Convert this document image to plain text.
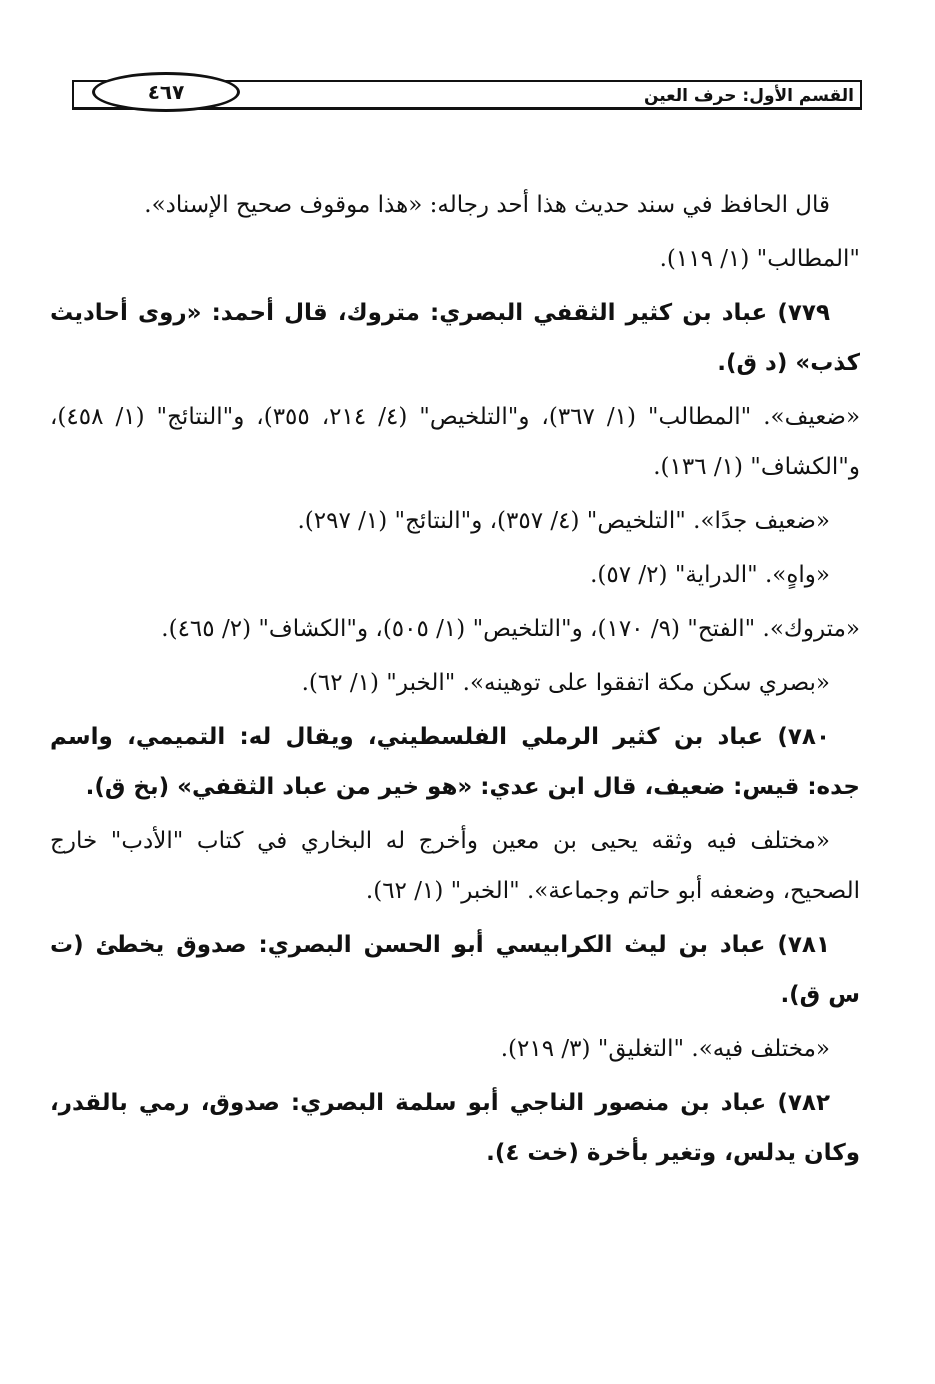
٤٦٧	القسم الأول: حرف العين

قال الحافظ في سند حديث هذا أحد رجاله: «هذا موقوف صحيح الإسناد».

"المطالب" (١/ ١١٩).

٧٧٩) عباد بن كثير الثقفي البصري: متروك، قال أحمد: «روى أحاديث كذب» (د ق).

«ضعيف». "المطالب" (١/ ٣٦٧)، و"التلخيص" (٤/ ٢١٤، ٣٥٥)، و"النتائج" (١/ ٤٥٨)، و"الكشاف" (١/ ١٣٦).

«ضعيف جدًا». "التلخيص" (٤/ ٣٥٧)، و"النتائج" (١/ ٢٩٧).

«واهٍ». "الدراية" (٢/ ٥٧).

«متروك». "الفتح" (٩/ ١٧٠)، و"التلخيص" (١/ ٥٠٥)، و"الكشاف" (٢/ ٤٦٥).

«بصري سكن مكة اتفقوا على توهينه». "الخبر" (١/ ٦٢).

٧٨٠) عباد بن كثير الرملي الفلسطيني، ويقال له: التميمي، واسم جده: قيس: ضعيف، قال ابن عدي: «هو خير من عباد الثقفي» (بخ ق).

«مختلف فيه وثقه يحيى بن معين وأخرج له البخاري في كتاب "الأدب" خارج الصحيح، وضعفه أبو حاتم وجماعة». "الخبر" (١/ ٦٢).

٧٨١) عباد بن ليث الكرابيسي أبو الحسن البصري: صدوق يخطئ (ت س ق).

«مختلف فيه». "التغليق" (٣/ ٢١٩).

٧٨٢) عباد بن منصور الناجي أبو سلمة البصري: صدوق، رمي بالقدر، وكان يدلس، وتغير بأخرة (خت ٤).
